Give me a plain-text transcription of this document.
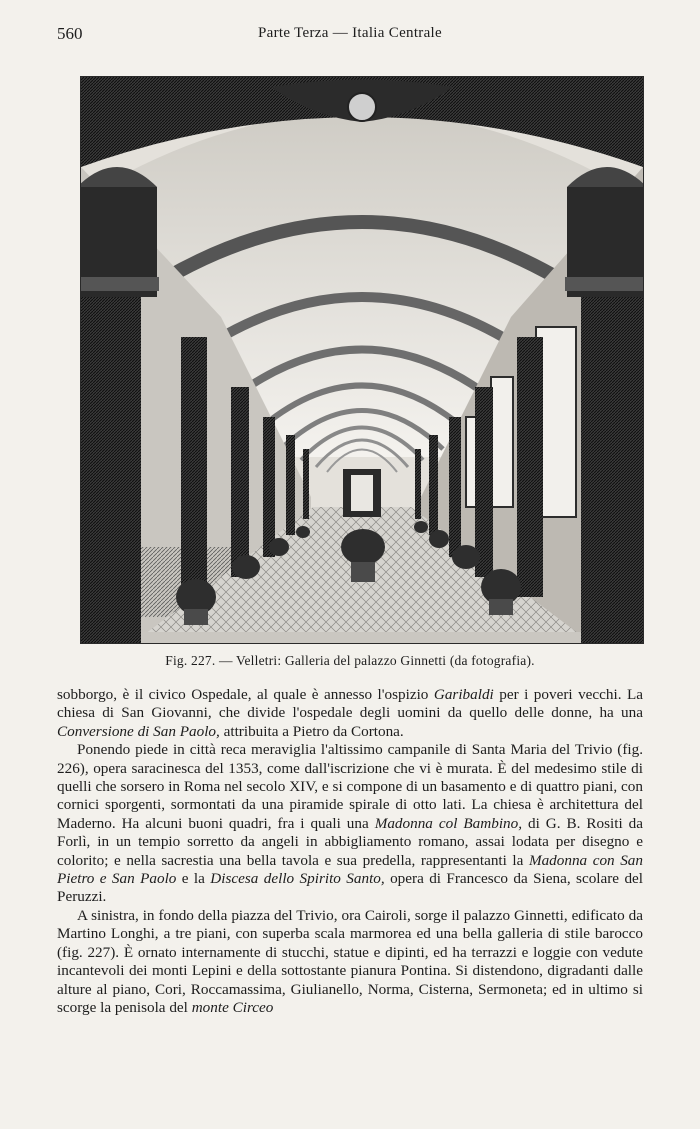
560	Parte Terza — Italia Centrale
Fig. 227. — Velletri: Galleria del palazzo Ginnetti (da fotografia).

sobborgo, è il civico Ospedale, al quale è annesso l'ospizio Garibaldi per i poveri vecchi. La chiesa di San Giovanni, che divide l'ospedale degli uomini da quello delle donne, ha una Conversione di San Paolo, attribuita a Pietro da Cortona.

Ponendo piede in città reca meraviglia l'altissimo campanile di Santa Maria del Trivio (fig. 226), opera saracinesca del 1353, come dall'iscrizione che vi è murata. È del medesimo stile di quelli che sorsero in Roma nel secolo XIV, e si compone di un basamento e di quattro piani, con cornici sporgenti, sormontati da una piramide spirale di otto lati. La chiesa è architettura del Maderno. Ha alcuni buoni quadri, fra i quali una Madonna col Bambino, di G. B. Rositi da Forlì, in un tempio sorretto da angeli in abbigliamento romano, assai lodata per disegno e colorito; e nella sacrestia una bella tavola e sua predella, rappresentanti la Madonna con San Pietro e San Paolo e la Discesa dello Spirito Santo, opera di Francesco da Siena, scolare del Peruzzi.

A sinistra, in fondo della piazza del Trivio, ora Cairoli, sorge il palazzo Ginnetti, edificato da Martino Longhi, a tre piani, con superba scala marmorea ed una bella galleria di stile barocco (fig. 227). È ornato internamente di stucchi, statue e dipinti, ed ha terrazzi e loggie con vedute incantevoli dei monti Lepini e della sottostante pianura Pontina. Si distendono, digradanti dalle alture al piano, Cori, Roccamassima, Giulianello, Norma, Cisterna, Sermoneta; ed in ultimo si scorge la penisola del monte Circeo
